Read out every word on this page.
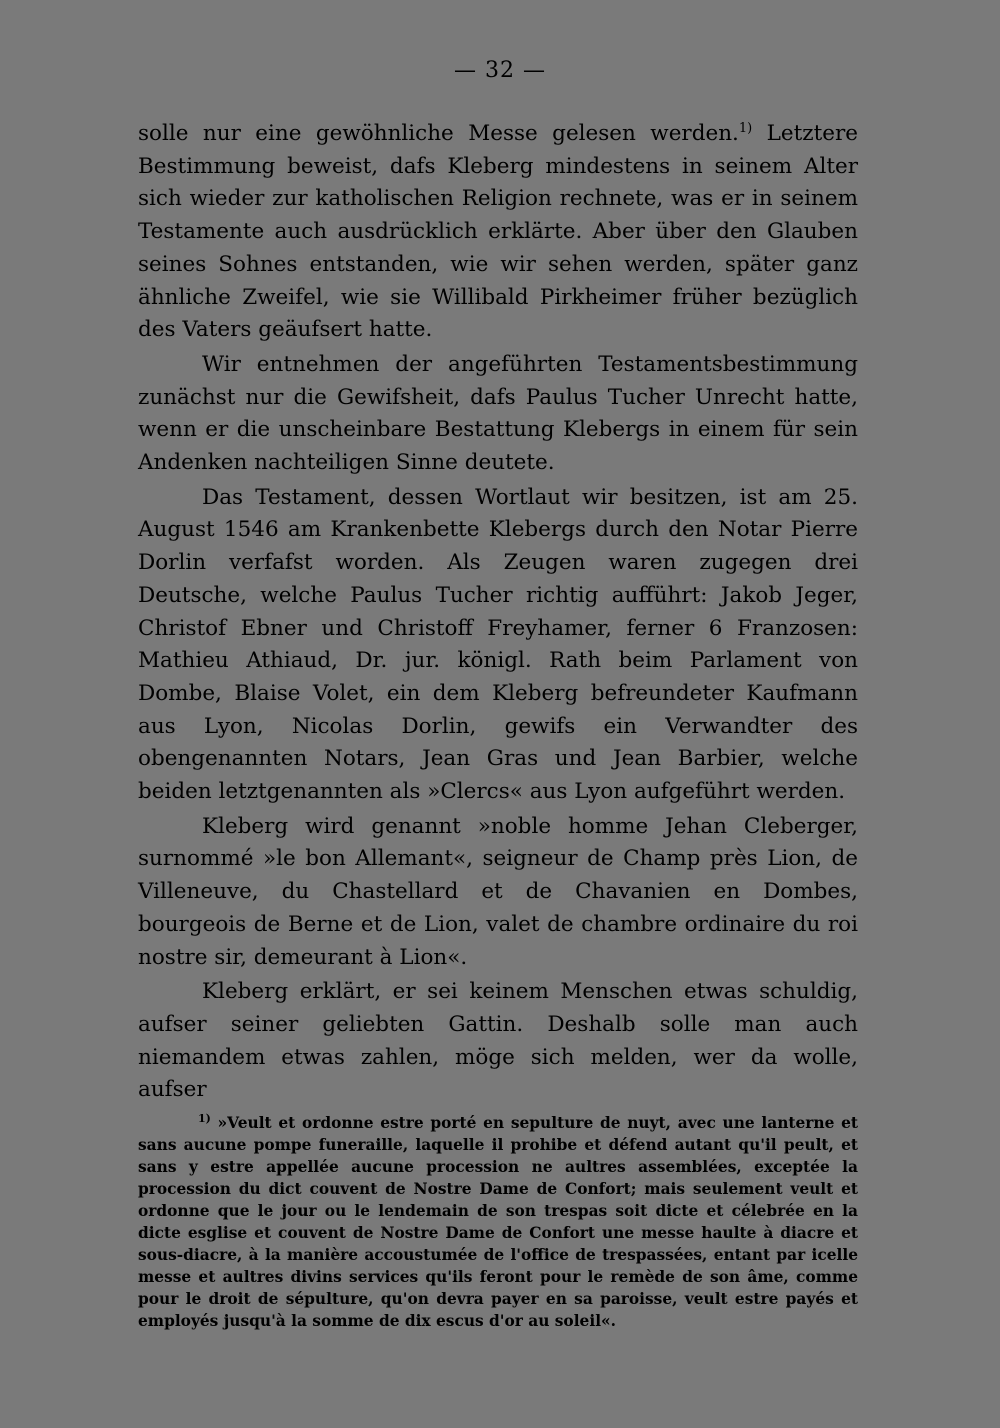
— 32 —

solle nur eine gewöhnliche Messe gelesen werden.$^{1)}$ Letztere Bestimmung beweist, dafs Kleberg mindestens in seinem Alter sich wieder zur katholischen Religion rechnete, was er in seinem Testamente auch ausdrücklich erklärte. Aber über den Glauben seines Sohnes entstanden, wie wir sehen werden, später ganz ähnliche Zweifel, wie sie Willibald Pirkheimer früher bezüglich des Vaters geäufsert hatte.

Wir entnehmen der angeführten Testamentsbestimmung zunächst nur die Gewifsheit, dafs Paulus Tucher Unrecht hatte, wenn er die unscheinbare Bestattung Klebergs in einem für sein Andenken nachteiligen Sinne deutete.

Das Testament, dessen Wortlaut wir besitzen, ist am 25. August 1546 am Krankenbette Klebergs durch den Notar Pierre Dorlin verfafst worden. Als Zeugen waren zugegen drei Deutsche, welche Paulus Tucher richtig aufführt: Jakob Jeger, Christof Ebner und Christoff Freyhamer, ferner 6 Franzosen: Mathieu Athiaud, Dr. jur. königl. Rath beim Parlament von Dombe, Blaise Volet, ein dem Kleberg befreundeter Kaufmann aus Lyon, Nicolas Dorlin, gewifs ein Verwandter des obengenannten Notars, Jean Gras und Jean Barbier, welche beiden letztgenannten als »Clercs« aus Lyon aufgeführt werden.

Kleberg wird genannt »noble homme Jehan Cleberger, surnommé »le bon Allemant«, seigneur de Champ près Lion, de Villeneuve, du Chastellard et de Chavanien en Dombes, bourgeois de Berne et de Lion, valet de chambre ordinaire du roi nostre sir, demeurant à Lion«.

Kleberg erklärt, er sei keinem Menschen etwas schuldig, aufser seiner geliebten Gattin. Deshalb solle man auch niemandem etwas zahlen, möge sich melden, wer da wolle, aufser

$^{1)}$ »Veult et ordonne estre porté en sepulture de nuyt, avec une lanterne et sans aucune pompe funeraille, laquelle il prohibe et défend autant qu'il peult, et sans y estre appellée aucune procession ne aultres assemblées, exceptée la procession du dict couvent de Nostre Dame de Confort; mais seulement veult et ordonne que le jour ou le lendemain de son trespas soit dicte et célebrée en la dicte esglise et couvent de Nostre Dame de Confort une messe haulte à diacre et sous-diacre, à la manière accoustumée de l'office de trespassées, entant par icelle messe et aultres divins services qu'ils feront pour le remède de son âme, comme pour le droit de sépulture, qu'on devra payer en sa paroisse, veult estre payés et employés jusqu'à la somme de dix escus d'or au soleil«.
